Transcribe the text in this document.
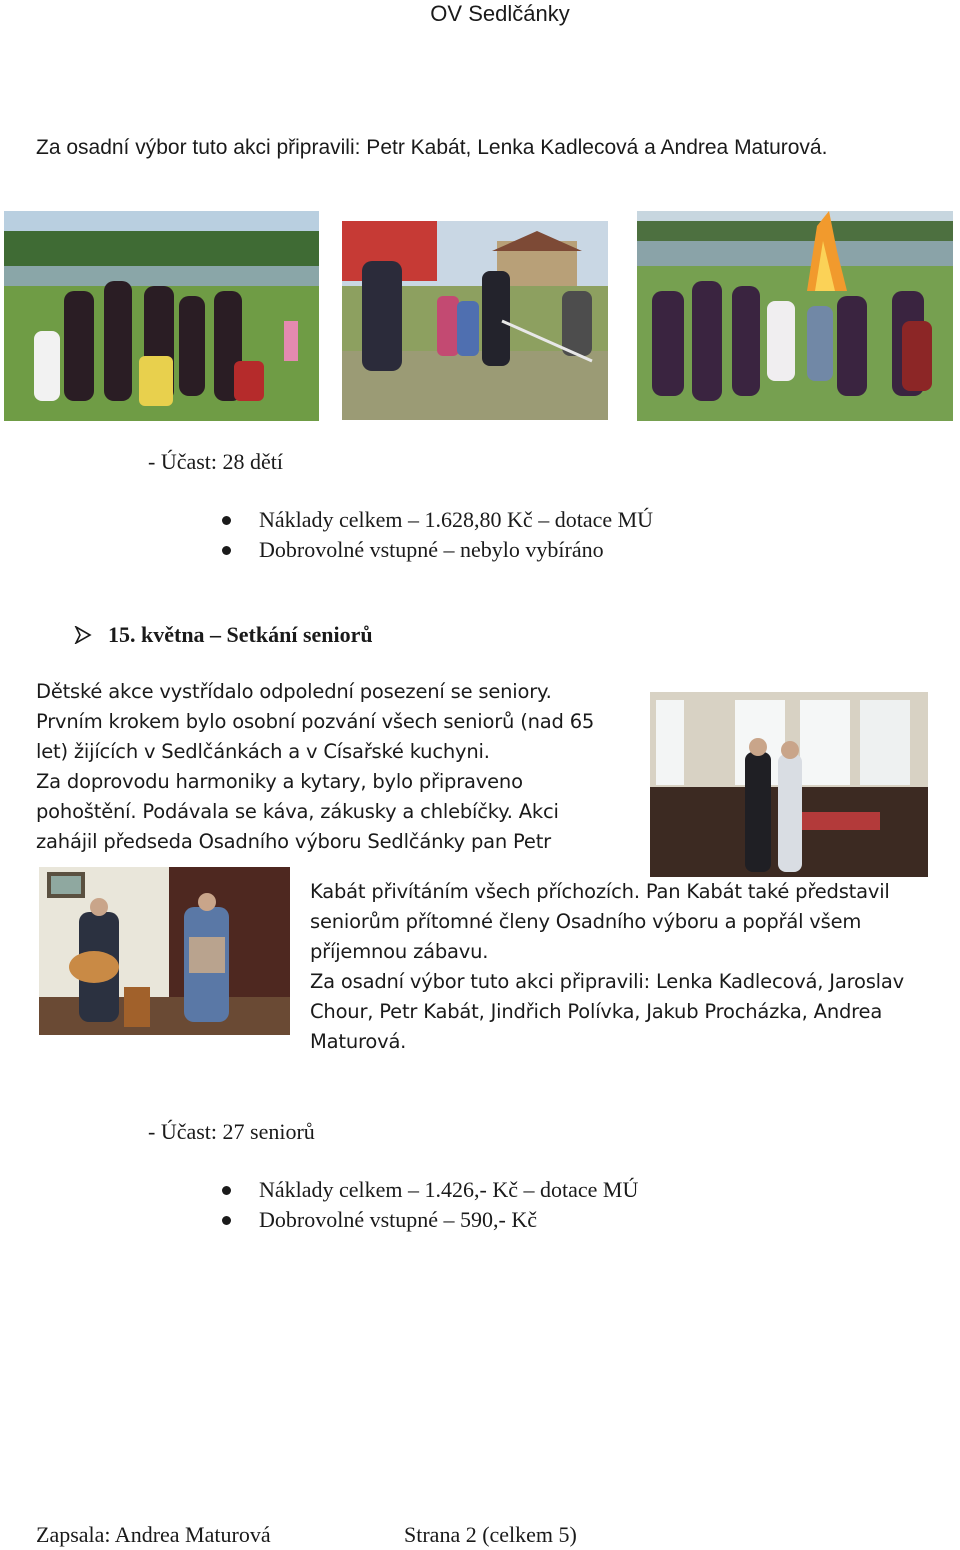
OV Sedlčánky
Za osadní výbor tuto akci připravili: Petr Kabát, Lenka Kadlecová a Andrea Maturová.
- Účast: 28 dětí
Náklady celkem – 1.628,80 Kč – dotace MÚ
Dobrovolné vstupné – nebylo vybíráno
15. května – Setkání seniorů
Dětské akce vystřídalo odpolední posezení se seniory.
Prvním krokem bylo osobní pozvání všech seniorů (nad 65
let) žijících v Sedlčánkách a v Císařské kuchyni.
Za doprovodu harmoniky a kytary, bylo připraveno
pohoštění. Podávala se káva, zákusky a chlebíčky. Akci
zahájil předseda Osadního výboru Sedlčánky pan Petr
Kabát přivítáním všech příchozích. Pan Kabát také představil
seniorům přítomné členy Osadního výboru a popřál všem
příjemnou zábavu.
Za osadní výbor tuto akci připravili: Lenka Kadlecová, Jaroslav
Chour, Petr Kabát, Jindřich Polívka, Jakub Procházka, Andrea
Maturová.
- Účast: 27 seniorů
Náklady celkem – 1.426,- Kč – dotace MÚ
Dobrovolné vstupné – 590,- Kč
Zapsala: Andrea Maturová	Strana 2 (celkem 5)
